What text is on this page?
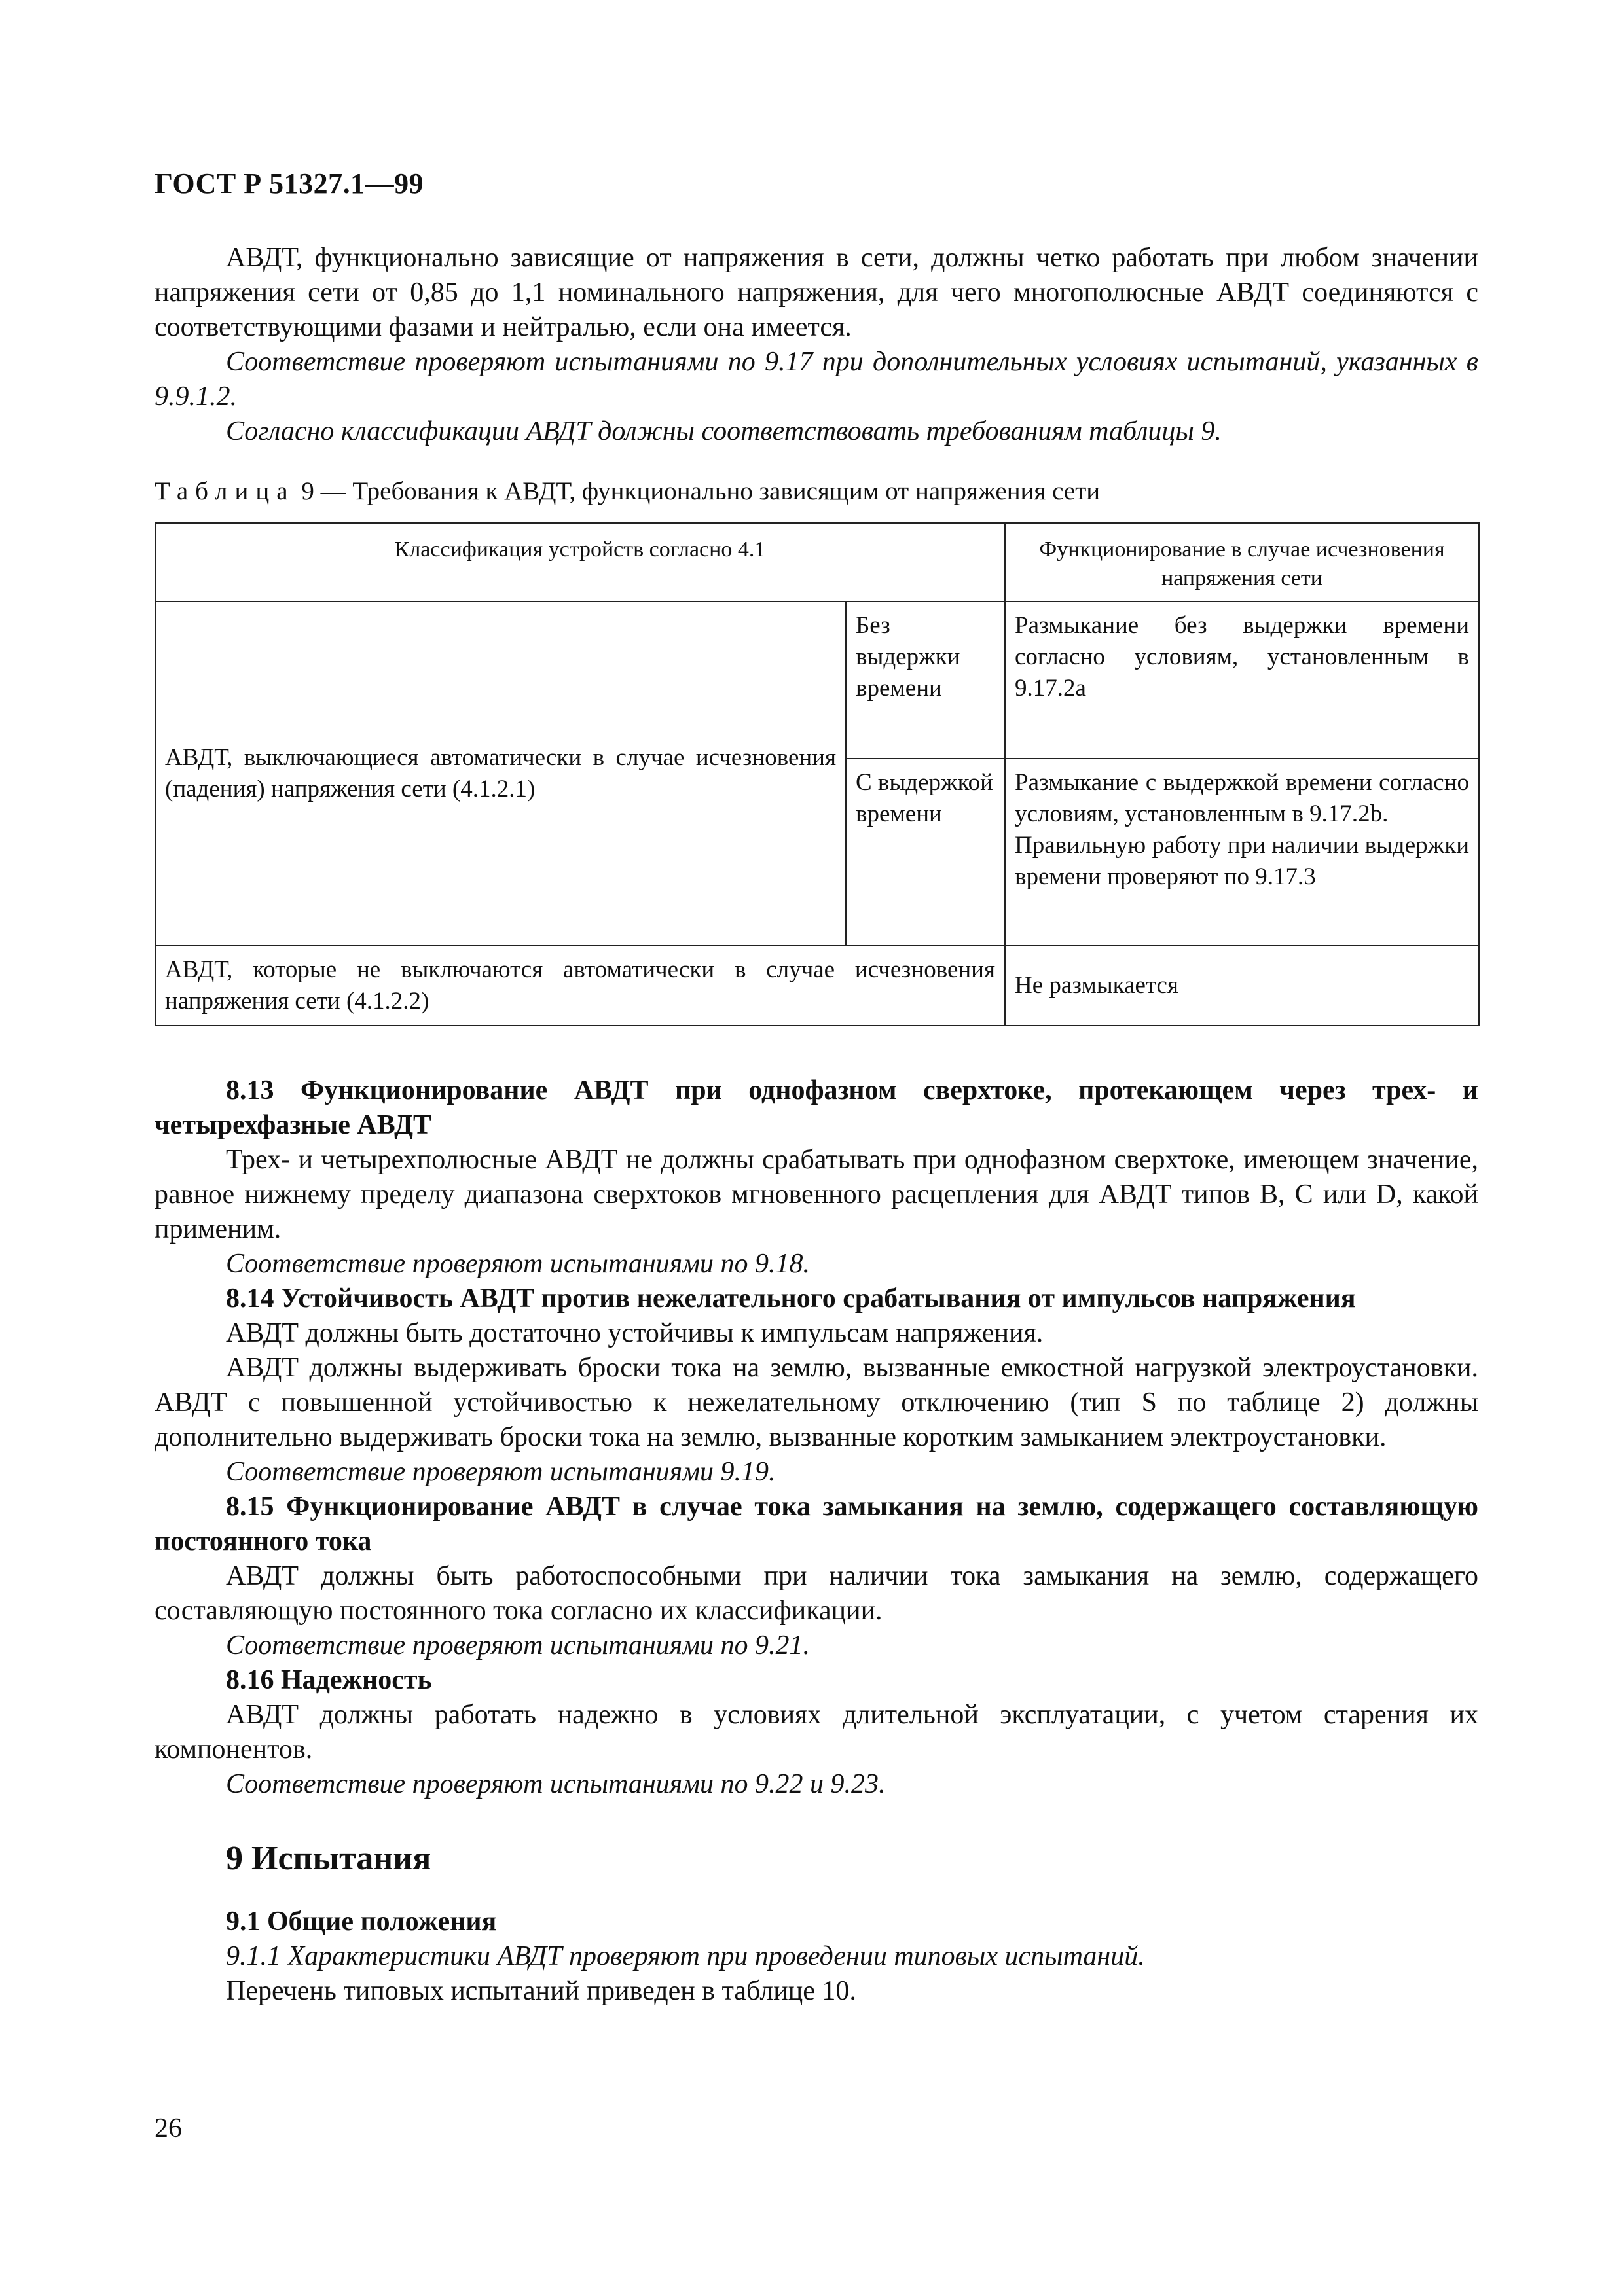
ГОСТ Р 51327.1—99

АВДТ, функционально зависящие от напряжения в сети, должны четко работать при любом значении напряжения сети от 0,85 до 1,1 номинального напряжения, для чего многополюсные АВДТ соединяются с соответствующими фазами и нейтралью, если она имеется.

Соответствие проверяют испытаниями по 9.17 при дополнительных условиях испытаний, указанных в 9.9.1.2.

Согласно классификации АВДТ должны соответствовать требованиям таблицы 9.

Таблица 9 — Требования к АВДТ, функционально зависящим от напряжения сети
Классификация устройств согласно 4.1		Функционирование в случае исчезновения напряжения сети
АВДТ, выключающиеся автоматически в случае исчезновения (падения) напряжения сети (4.1.2.1)	Без выдержки времени	Размыкание без выдержки времени согласно условиям, установленным в 9.17.2а
	С выдержкой времени	Размыкание с выдержкой времени согласно условиям, установленным в 9.17.2b.
Правильную работу при наличии выдержки времени проверяют по 9.17.3

АВДТ, которые не выключаются автоматически в случае исчезновения напряжения сети (4.1.2.2)		Не размыкается

8.13 Функционирование АВДТ при однофазном сверхтоке, протекающем через трех- и четырехфазные АВДТ

Трех- и четырехполюсные АВДТ не должны срабатывать при однофазном сверхтоке, имеющем значение, равное нижнему пределу диапазона сверхтоков мгновенного расцепления для АВДТ типов B, C или D, какой применим.

Соответствие проверяют испытаниями по 9.18.

8.14 Устойчивость АВДТ против нежелательного срабатывания от импульсов напряжения

АВДТ должны быть достаточно устойчивы к импульсам напряжения.

АВДТ должны выдерживать броски тока на землю, вызванные емкостной нагрузкой электроустановки. АВДТ с повышенной устойчивостью к нежелательному отключению (тип S по таблице 2) должны дополнительно выдерживать броски тока на землю, вызванные коротким замыканием электроустановки.

Соответствие проверяют испытаниями 9.19.

8.15 Функционирование АВДТ в случае тока замыкания на землю, содержащего составляющую постоянного тока

АВДТ должны быть работоспособными при наличии тока замыкания на землю, содержащего составляющую постоянного тока согласно их классификации.

Соответствие проверяют испытаниями по 9.21.

8.16 Надежность

АВДТ должны работать надежно в условиях длительной эксплуатации, с учетом старения их компонентов.

Соответствие проверяют испытаниями по 9.22 и 9.23.

9 Испытания

9.1 Общие положения

9.1.1 Характеристики АВДТ проверяют при проведении типовых испытаний.

Перечень типовых испытаний приведен в таблице 10.

26
